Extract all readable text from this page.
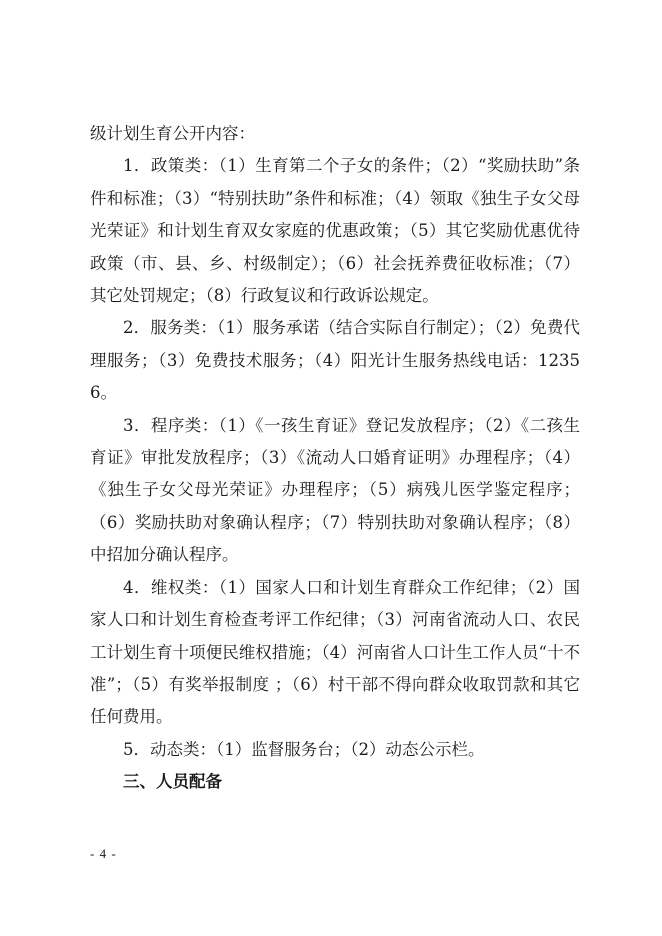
级计划生育公开内容：

1．政策类：（1）生育第二个子女的条件；（2）“奖励扶助”条件和标准；（3）“特别扶助”条件和标准；（4）领取《独生子女父母光荣证》和计划生育双女家庭的优惠政策；（5）其它奖励优惠优待政策（市、县、乡、村级制定）；（6）社会抚养费征收标准；（7）其它处罚规定；（8）行政复议和行政诉讼规定。

2．服务类：（1）服务承诺（结合实际自行制定）；（2）免费代理服务；（3）免费技术服务；（4）阳光计生服务热线电话：12356。

3．程序类：（1）《一孩生育证》登记发放程序；（2）《二孩生育证》审批发放程序；（3）《流动人口婚育证明》办理程序；（4）《独生子女父母光荣证》办理程序；（5）病残儿医学鉴定程序；（6）奖励扶助对象确认程序；（7）特别扶助对象确认程序；（8）中招加分确认程序。

4．维权类：（1）国家人口和计划生育群众工作纪律；（2）国家人口和计划生育检查考评工作纪律；（3）河南省流动人口、农民工计划生育十项便民维权措施；（4）河南省人口计生工作人员“十不准”；（5）有奖举报制度 ；（6）村干部不得向群众收取罚款和其它任何费用。

5．动态类：（1）监督服务台；（2）动态公示栏。

三、人员配备
- 4 -
